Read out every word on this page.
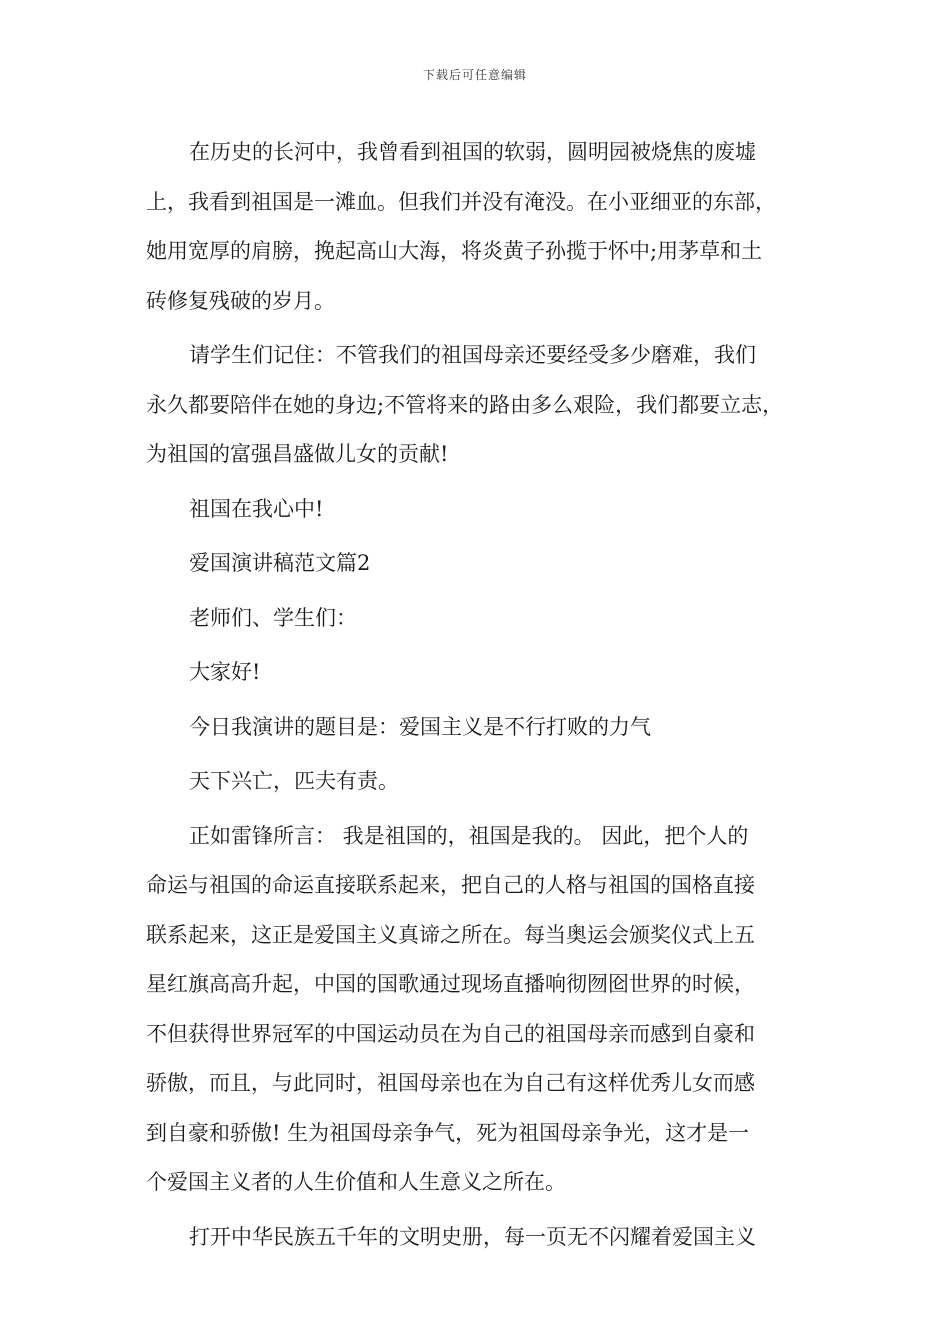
下载后可任意编辑
在历史的长河中，我曾看到祖国的软弱，圆明园被烧焦的废墟
上，我看到祖国是一滩血。但我们并没有淹没。在小亚细亚的东部，
她用宽厚的肩膀，挽起高山大海，将炎黄子孙揽于怀中;用茅草和土
砖修复残破的岁月。
请学生们记住：不管我们的祖国母亲还要经受多少磨难，我们
永久都要陪伴在她的身边;不管将来的路由多么艰险，我们都要立志，
为祖国的富强昌盛做儿女的贡献!
祖国在我心中!
爱国演讲稿范文篇2
老师们、学生们：
大家好!
今日我演讲的题目是：爱国主义是不行打败的力气
天下兴亡，匹夫有责。
正如雷锋所言： 我是祖国的，祖国是我的。 因此，把个人的
命运与祖国的命运直接联系起来，把自己的人格与祖国的国格直接
联系起来，这正是爱国主义真谛之所在。每当奥运会颁奖仪式上五
星红旗高高升起，中国的国歌通过现场直播响彻囫囵世界的时候，
不但获得世界冠军的中国运动员在为自己的祖国母亲而感到自豪和
骄傲，而且，与此同时，祖国母亲也在为自己有这样优秀儿女而感
到自豪和骄傲! 生为祖国母亲争气，死为祖国母亲争光，这才是一
个爱国主义者的人生价值和人生意义之所在。
打开中华民族五千年的文明史册，每一页无不闪耀着爱国主义
